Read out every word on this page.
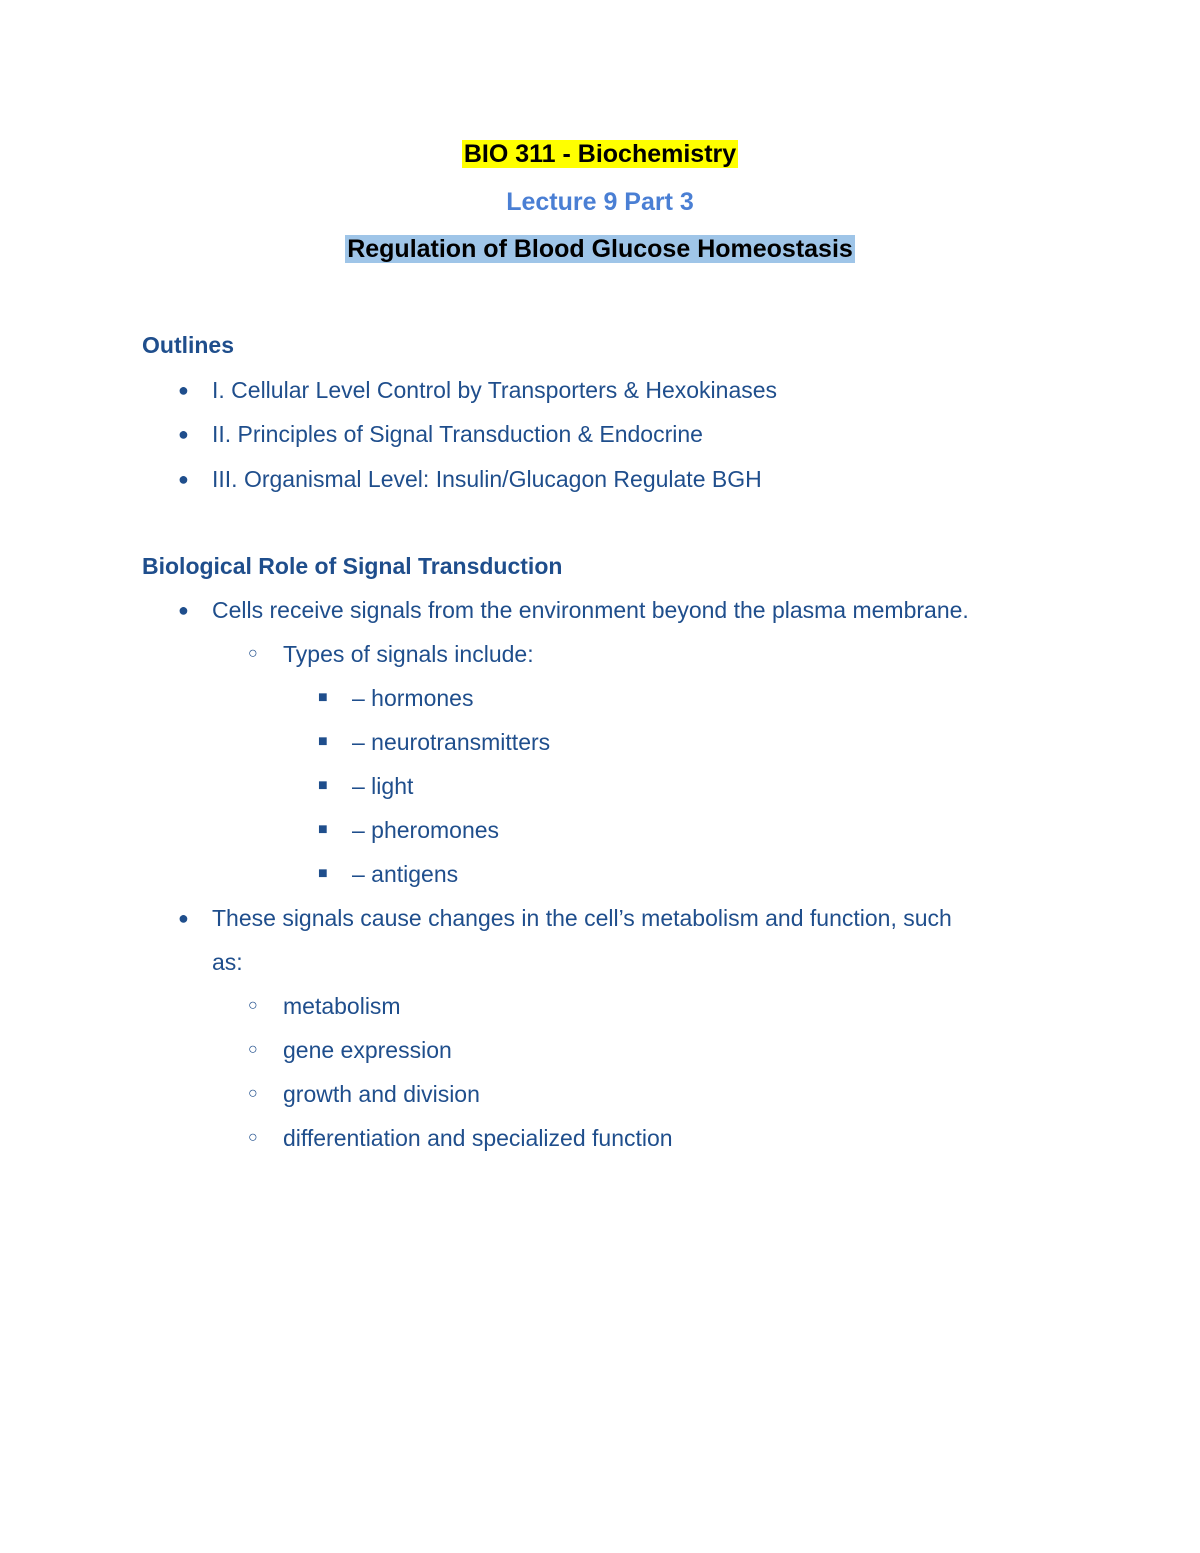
BIO 311 - Biochemistry
Lecture 9 Part 3
Regulation of Blood Glucose Homeostasis
Outlines
● I. Cellular Level Control by Transporters & Hexokinases
● II. Principles of Signal Transduction & Endocrine
● III. Organismal Level: Insulin/Glucagon Regulate BGH
Biological Role of Signal Transduction
● Cells receive signals from the environment beyond the plasma membrane.
○ Types of signals include:
■ – hormones
■ – neurotransmitters
■ – light
■ – pheromones
■ – antigens
● These signals cause changes in the cell’s metabolism and function, such
as:
○ metabolism
○ gene expression
○ growth and division
○ differentiation and specialized function
